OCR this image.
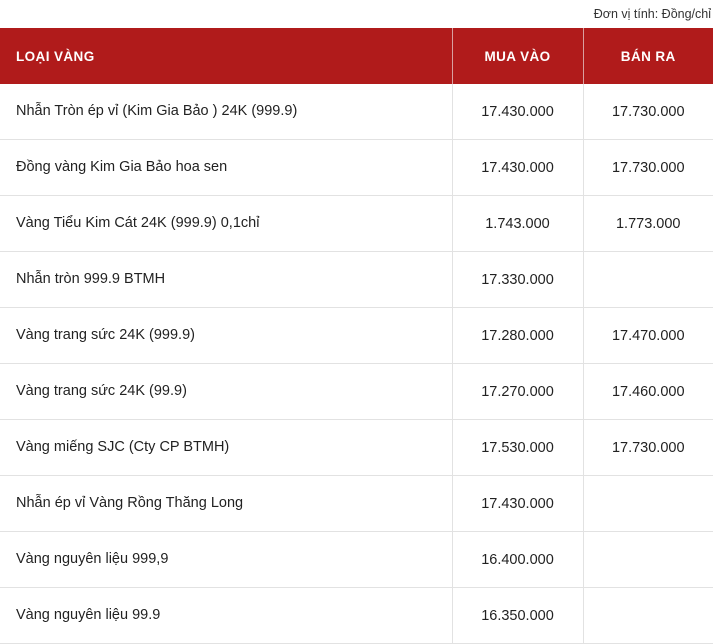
Đơn vị tính: Đồng/chỉ
LOẠI VÀNG	MUA VÀO	BÁN RA
Nhẫn Tròn ép vỉ (Kim Gia Bảo ) 24K (999.9)	17.430.000	17.730.000
Đồng vàng Kim Gia Bảo hoa sen	17.430.000	17.730.000
Vàng Tiểu Kim Cát 24K (999.9) 0,1chỉ	1.743.000	1.773.000
Nhẫn tròn 999.9 BTMH	17.330.000	
Vàng trang sức 24K (999.9)	17.280.000	17.470.000
Vàng trang sức 24K (99.9)	17.270.000	17.460.000
Vàng miếng SJC (Cty CP BTMH)	17.530.000	17.730.000
Nhẫn ép vỉ Vàng Rồng Thăng Long	17.430.000	
Vàng nguyên liệu 999,9	16.400.000	
Vàng nguyên liệu 99.9	16.350.000	
